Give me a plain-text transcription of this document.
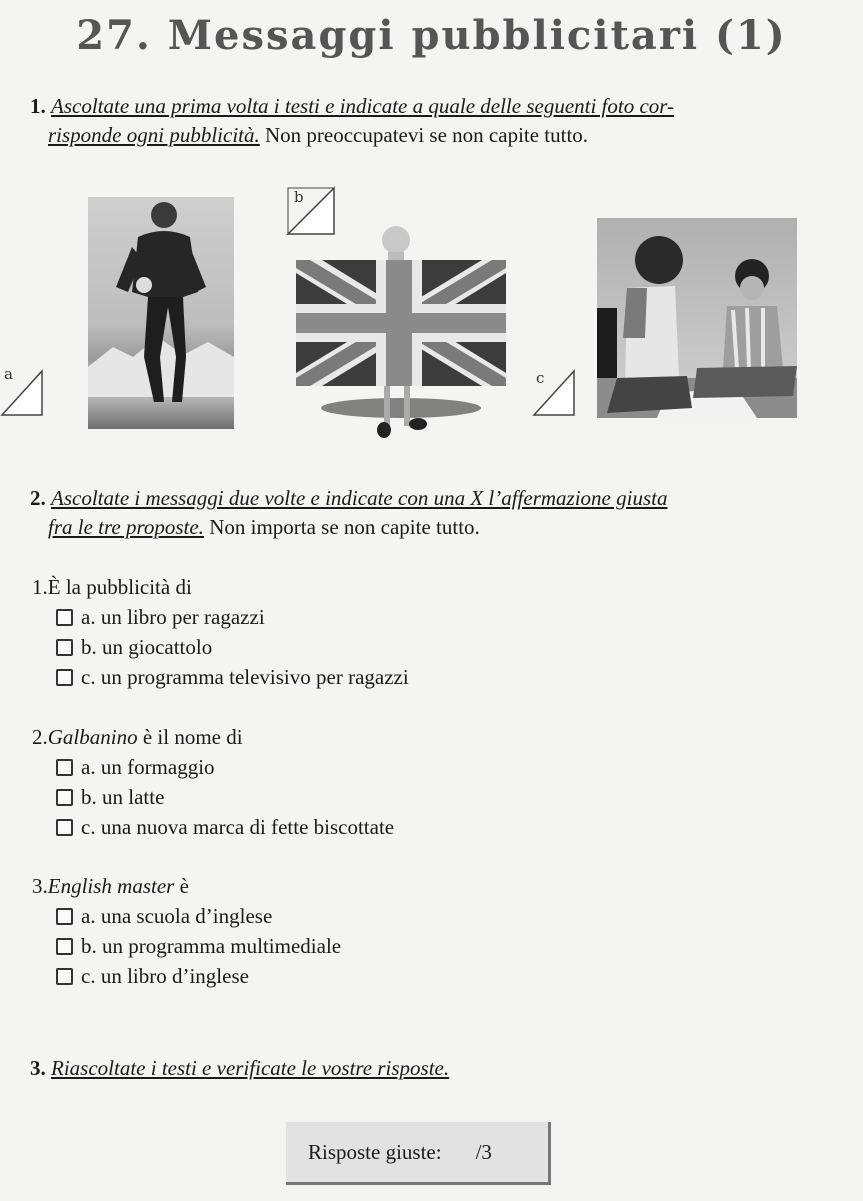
27. Messaggi pubblicitari (1)
1. Ascoltate una prima volta i testi e indicate a quale delle seguenti foto cor-
risponde ogni pubblicità. Non preoccupatevi se non capite tutto.
a
b
c
2. Ascoltate i messaggi due volte e indicate con una X l’affermazione giusta
fra le tre proposte. Non importa se non capite tutto.
1.È la pubblicità di
a. un libro per ragazzi
b. un giocattolo
c. un programma televisivo per ragazzi
2.Galbanino è il nome di
a. un formaggio
b. un latte
c. una nuova marca di fette biscottate
3.English master è
a. una scuola d’inglese
b. un programma multimediale
c. un libro d’inglese
3. Riascoltate i testi e verificate le vostre risposte.
Risposte giuste: /3
